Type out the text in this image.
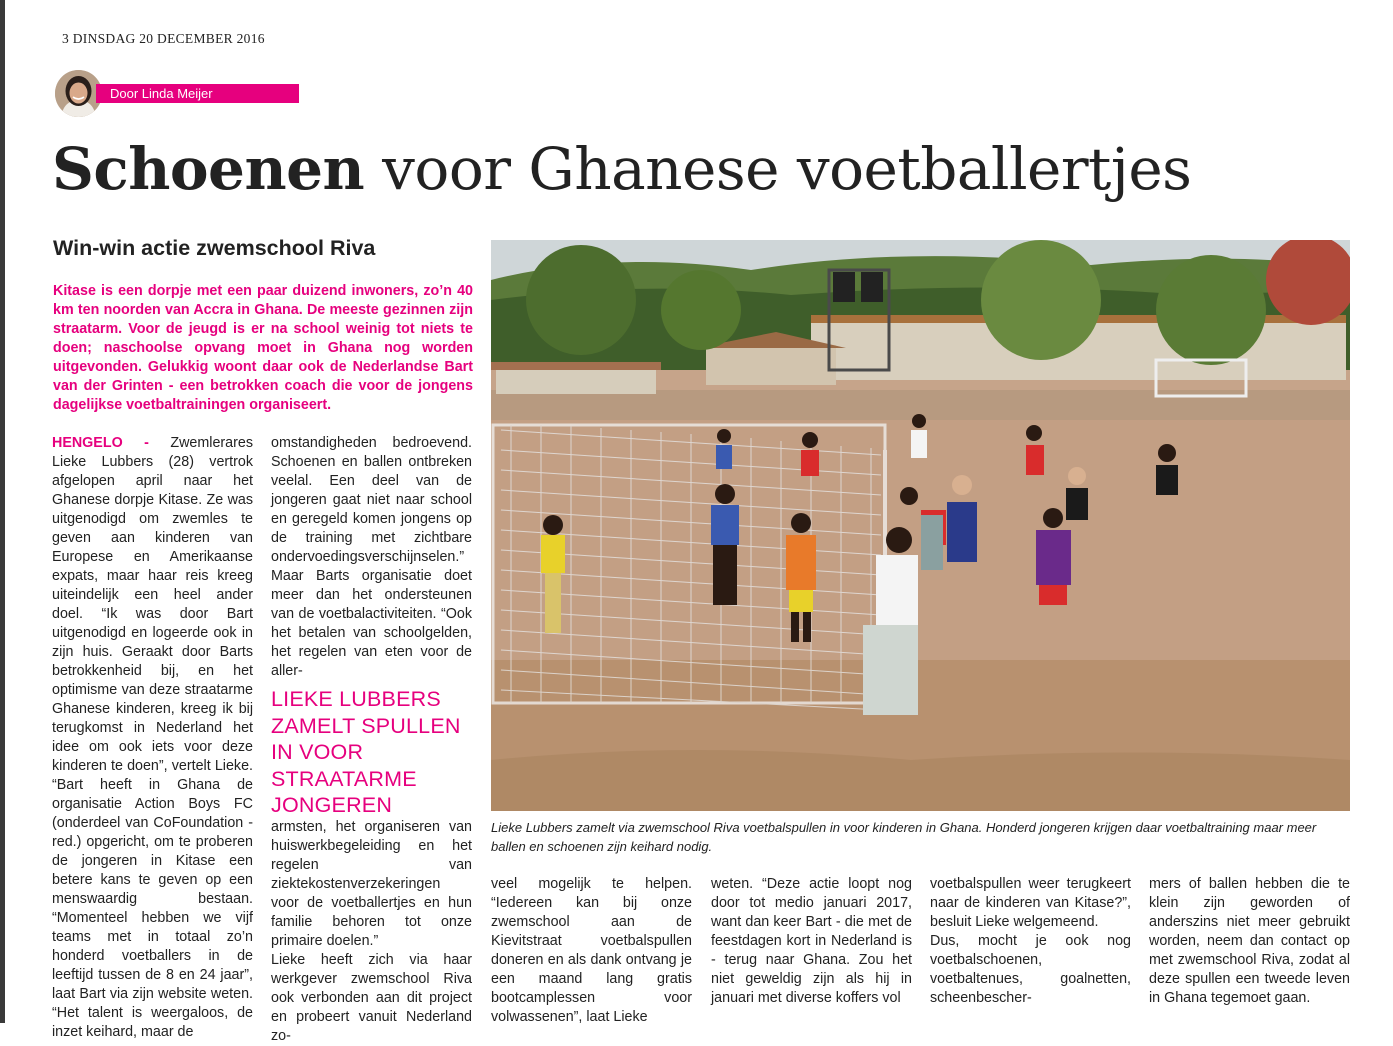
3 DINSDAG 20 DECEMBER 2016
Door Linda Meijer
Schoenen voor Ghanese voetballertjes
Win-win actie zwemschool Riva

Kitase is een dorpje met een paar duizend inwoners, zo’n 40 km ten noorden van Accra in Ghana. De meeste gezinnen zijn straatarm. Voor de jeugd is er na school weinig tot niets te doen; naschoolse opvang moet in Ghana nog worden uitgevonden. Gelukkig woont daar ook de Nederlandse Bart van der Grinten - een betrokken coach die voor de jongens dagelijkse voetbaltrainingen organiseert.

HENGELO - Zwemlerares Lieke Lubbers (28) vertrok afgelopen april naar het Ghanese dorpje Kitase. Ze was uitgenodigd om zwemles te geven aan kinderen van Europese en Amerikaanse expats, maar haar reis kreeg uiteindelijk een heel ander doel. “Ik was door Bart uitgenodigd en logeerde ook in zijn huis. Geraakt door Barts betrokkenheid bij, en het optimisme van deze straatarme Ghanese kinderen, kreeg ik bij terugkomst in Nederland het idee om ook iets voor deze kinderen te doen”, vertelt Lieke. “Bart heeft in Ghana de organisatie Action Boys FC (onderdeel van CoFoundation - red.) opgericht, om te proberen de jongeren in Kitase een betere kans te geven op een menswaardig bestaan. “Momenteel hebben we vijf teams met in totaal zo’n honderd voetballers in de leeftijd tussen de 8 en 24 jaar”, laat Bart via zijn website weten. “Het talent is weergaloos, de inzet keihard, maar de

omstandigheden bedroevend. Schoenen en ballen ontbreken veelal. Een deel van de jongeren gaat niet naar school en geregeld komen jongens op de training met zichtbare ondervoedingsverschijnselen.” Maar Barts organisatie doet meer dan het ondersteunen van de voetbalactiviteiten. “Ook het betalen van schoolgelden, het regelen van eten voor de aller-

LIEKE LUBBERS ZAMELT SPULLEN IN VOOR STRAATARME JONGEREN

armsten, het organiseren van huiswerkbegeleiding en het regelen van ziektekostenverzekeringen voor de voetballertjes en hun familie behoren tot onze primaire doelen.”

Lieke heeft zich via haar werkgever zwemschool Riva ook verbonden aan dit project en probeert vanuit Nederland zo-

veel mogelijk te helpen. “Iedereen kan bij onze zwemschool aan de Kievitstraat voetbalspullen doneren en als dank ontvang je een maand lang gratis bootcamplessen voor volwassenen”, laat Lieke

weten. “Deze actie loopt nog door tot medio januari 2017, want dan keer Bart - die met de feestdagen kort in Nederland is - terug naar Ghana. Zou het niet geweldig zijn als hij in januari met diverse koffers vol

voetbalspullen weer terugkeert naar de kinderen van Kitase?”, besluit Lieke welgemeend.

Dus, mocht je ook nog voetbalschoenen, voetbaltenues, goalnetten, scheenbescher-

mers of ballen hebben die te klein zijn geworden of anderszins niet meer gebruikt worden, neem dan contact op met zwemschool Riva, zodat al deze spullen een tweede leven in Ghana tegemoet gaan.

Lieke Lubbers zamelt via zwemschool Riva voetbalspullen in voor kinderen in Ghana. Honderd jongeren krijgen daar voetbaltraining maar meer ballen en schoenen zijn keihard nodig.
